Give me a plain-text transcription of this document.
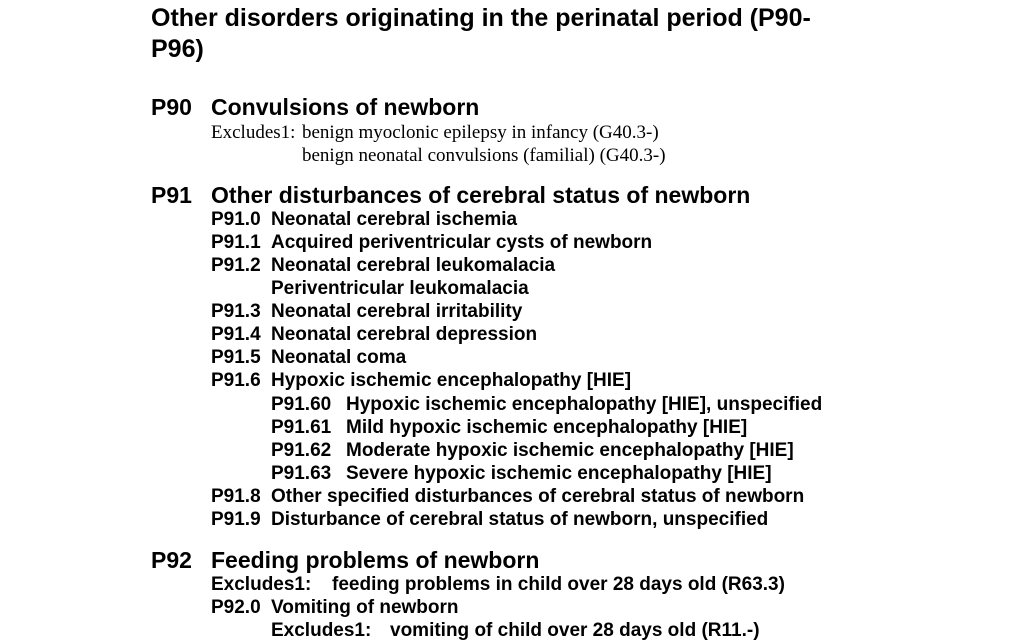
Other disorders originating in the perinatal period (P90-
P96)
P90 Convulsions of newborn
Excludes1: benign myoclonic epilepsy in infancy (G40.3-)
benign neonatal convulsions (familial) (G40.3-)
P91 Other disturbances of cerebral status of newborn
P91.0 Neonatal cerebral ischemia
P91.1 Acquired periventricular cysts of newborn
P91.2 Neonatal cerebral leukomalacia
Periventricular leukomalacia
P91.3 Neonatal cerebral irritability
P91.4 Neonatal cerebral depression
P91.5 Neonatal coma
P91.6 Hypoxic ischemic encephalopathy [HIE]
P91.60 Hypoxic ischemic encephalopathy [HIE], unspecified
P91.61 Mild hypoxic ischemic encephalopathy [HIE]
P91.62 Moderate hypoxic ischemic encephalopathy [HIE]
P91.63 Severe hypoxic ischemic encephalopathy [HIE]
P91.8 Other specified disturbances of cerebral status of newborn
P91.9 Disturbance of cerebral status of newborn, unspecified
P92 Feeding problems of newborn
Excludes1: feeding problems in child over 28 days old (R63.3)
P92.0 Vomiting of newborn
Excludes1: vomiting of child over 28 days old (R11.-)
